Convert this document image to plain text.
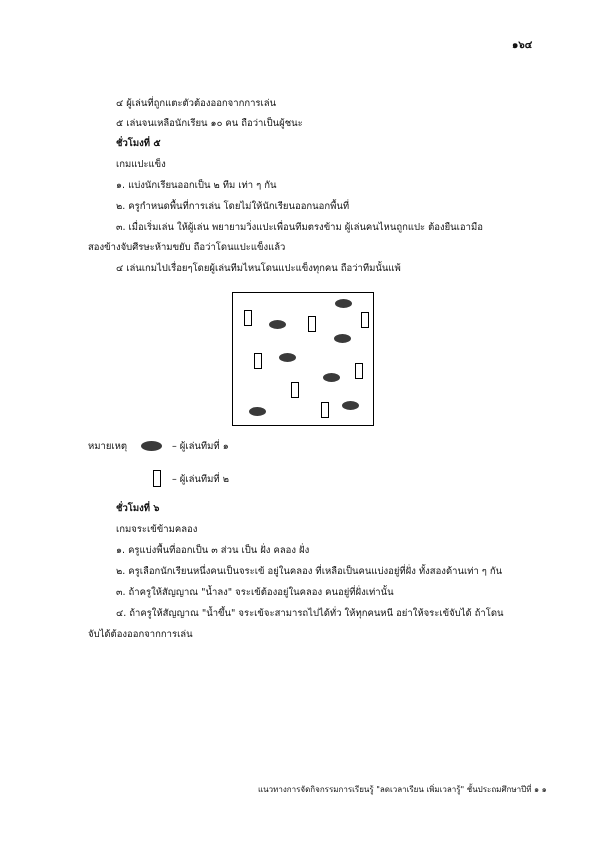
๑๖๔
๔ ผู้เล่นที่ถูกแตะตัวต้องออกจากการเล่น
๕ เล่นจนเหลือนักเรียน ๑๐ คน ถือว่าเป็นผู้ชนะ
ชั่วโมงที่ ๕
เกมแปะแข็ง
๑. แบ่งนักเรียนออกเป็น ๒ ทีม เท่า ๆ กัน
๒. ครูกำหนดพื้นที่การเล่น โดยไม่ให้นักเรียนออกนอกพื้นที่
๓. เมื่อเริ่มเล่น ให้ผู้เล่น พยายามวิ่งแปะเพื่อนทีมตรงข้าม ผู้เล่นคนไหนถูกแปะ ต้องยืนเอามือ
สองข้างจับศีรษะห้ามขยับ ถือว่าโดนแปะแข็งแล้ว
๔ เล่นเกมไปเรื่อยๆโดยผู้เล่นทีมไหนโดนแปะแข็งทุกคน ถือว่าทีมนั้นแพ้
หมายเหตุ	– ผู้เล่นทีมที่ ๑
– ผู้เล่นทีมที่ ๒
ชั่วโมงที่ ๖
เกมจระเข้ข้ามคลอง
๑. ครูแบ่งพื้นที่ออกเป็น ๓ ส่วน เป็น ฝั่ง คลอง ฝั่ง
๒. ครูเลือกนักเรียนหนึ่งคนเป็นจระเข้ อยู่ในคลอง ที่เหลือเป็นคนแบ่งอยู่ที่ฝั่ง ทั้งสองด้านเท่า ๆ กัน
๓. ถ้าครูให้สัญญาณ "น้ำลง" จระเข้ต้องอยู่ในคลอง คนอยู่ที่ฝั่งเท่านั้น
๔. ถ้าครูให้สัญญาณ "น้ำขึ้น" จระเข้จะสามารถไปได้ทั่ว ให้ทุกคนหนี อย่าให้จระเข้จับได้ ถ้าโดน
จับได้ต้องออกจากการเล่น
แนวทางการจัดกิจกรรมการเรียนรู้ "ลดเวลาเรียน เพิ่มเวลารู้" ชั้นประถมศึกษาปีที่ ๑ ๑
